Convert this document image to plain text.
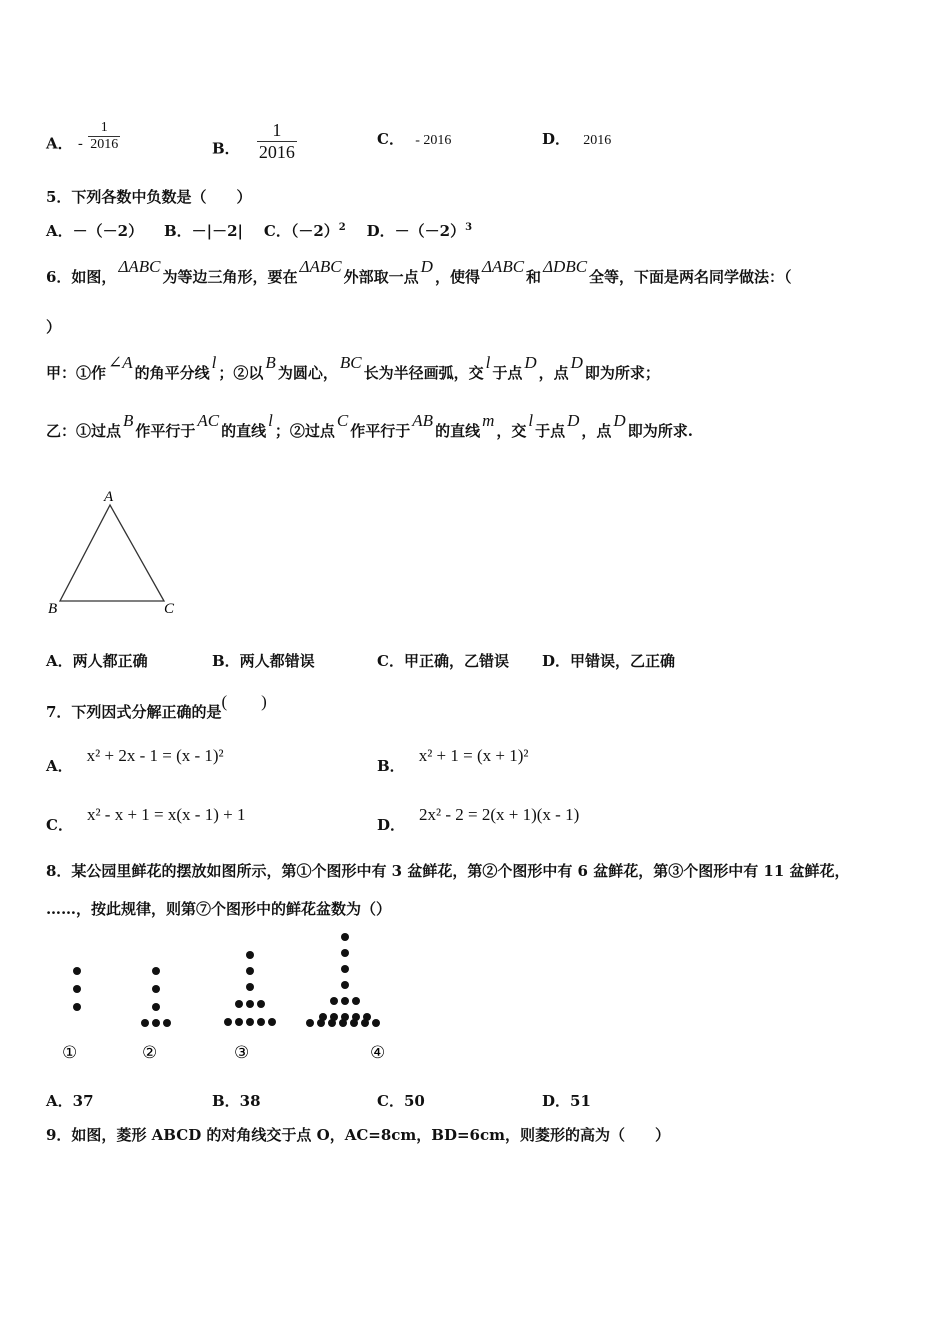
A． - $\frac{1}{2016}$	B． $\frac{1}{2016}$	C． - 2016	D． 2016
5．下列各数中负数是（　　）
A．－（－2） B．－|－2| C．$(-2)^2$ D．$-(-2)^3$
6．如图，ΔABC为等边三角形，要在ΔABC外部取一点D，使得ΔABC和ΔDBC全等，下面是两名同学做法：（
）
甲：①作∠A的角平分线l；②以B为圆心，BC长为半径画弧，交l于点D，点D即为所求；
乙：①过点B作平行于AC的直线l；②过点C作平行于AB的直线m，交l于点D，点D即为所求.
A
B	C
A．两人都正确	B．两人都错误	C．甲正确，乙错误 D．甲错误，乙正确
7．下列因式分解正确的是(　　)
A．x² + 2x - 1 = (x - 1)²
B．x² + 1 = (x + 1)²
C．x² - x + 1 = x(x - 1) + 1
D．2x² - 2 = 2(x + 1)(x - 1)
8．某公园里鲜花的摆放如图所示，第①个图形中有 3 盆鲜花，第②个图形中有 6 盆鲜花，第③个图形中有 11 盆鲜花，
……，按此规律，则第⑦个图形中的鲜花盆数为（）
①	②	③	④
A．37	B．38	C．50	D．51
9．如图，菱形 ABCD 的对角线交于点 O，AC=8cm，BD=6cm，则菱形的高为（　　）
